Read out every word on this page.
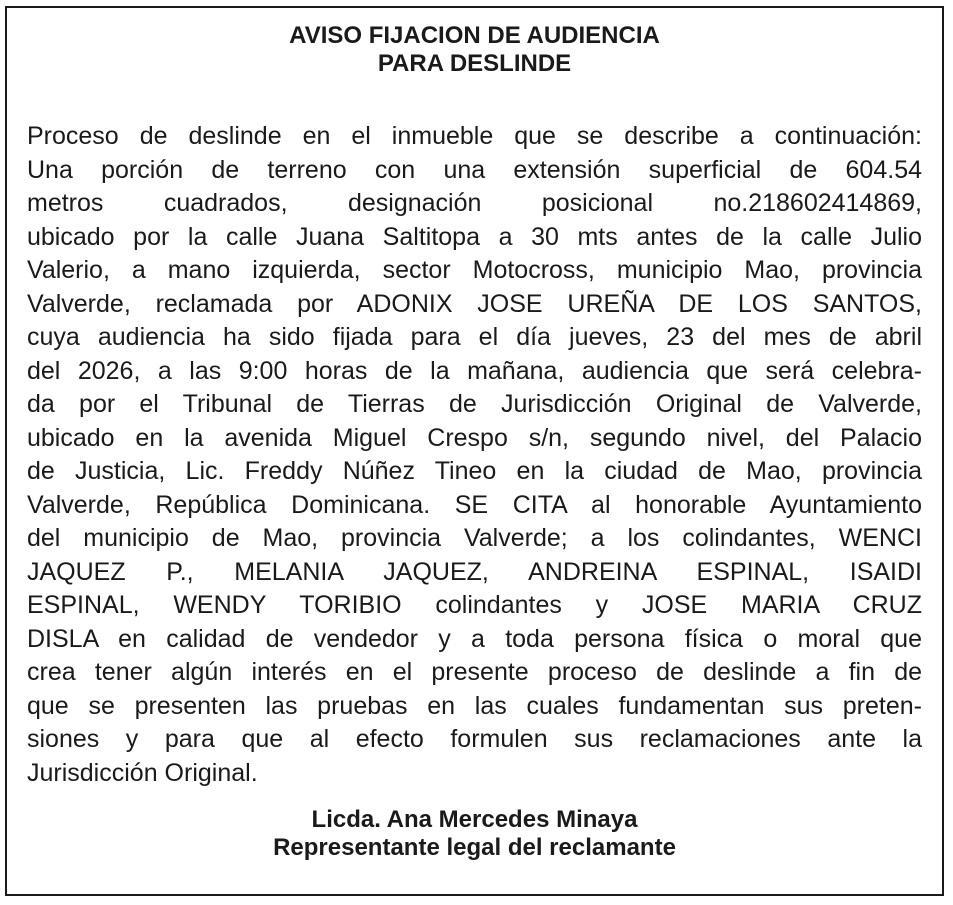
AVISO FIJACION DE AUDIENCIA
PARA DESLINDE
Proceso de deslinde en el inmueble que se describe a continuación:
Una porción de terreno con una extensión superficial de 604.54
metros cuadrados, designación posicional no.218602414869,
ubicado por la calle Juana Saltitopa a 30 mts antes de la calle Julio
Valerio, a mano izquierda, sector Motocross, municipio Mao, provincia
Valverde, reclamada por ADONIX JOSE UREÑA DE LOS SANTOS,
cuya audiencia ha sido fijada para el día jueves, 23 del mes de abril
del 2026, a las 9:00 horas de la mañana, audiencia que será celebra-
da por el Tribunal de Tierras de Jurisdicción Original de Valverde,
ubicado en la avenida Miguel Crespo s/n, segundo nivel, del Palacio
de Justicia, Lic. Freddy Núñez Tineo en la ciudad de Mao, provincia
Valverde, República Dominicana. SE CITA al honorable Ayuntamiento
del municipio de Mao, provincia Valverde; a los colindantes, WENCI
JAQUEZ P., MELANIA JAQUEZ, ANDREINA ESPINAL, ISAIDI
ESPINAL, WENDY TORIBIO colindantes y JOSE MARIA CRUZ
DISLA en calidad de vendedor y a toda persona física o moral que
crea tener algún interés en el presente proceso de deslinde a fin de
que se presenten las pruebas en las cuales fundamentan sus preten-
siones y para que al efecto formulen sus reclamaciones ante la
Jurisdicción Original.
Licda. Ana Mercedes Minaya
Representante legal del reclamante
